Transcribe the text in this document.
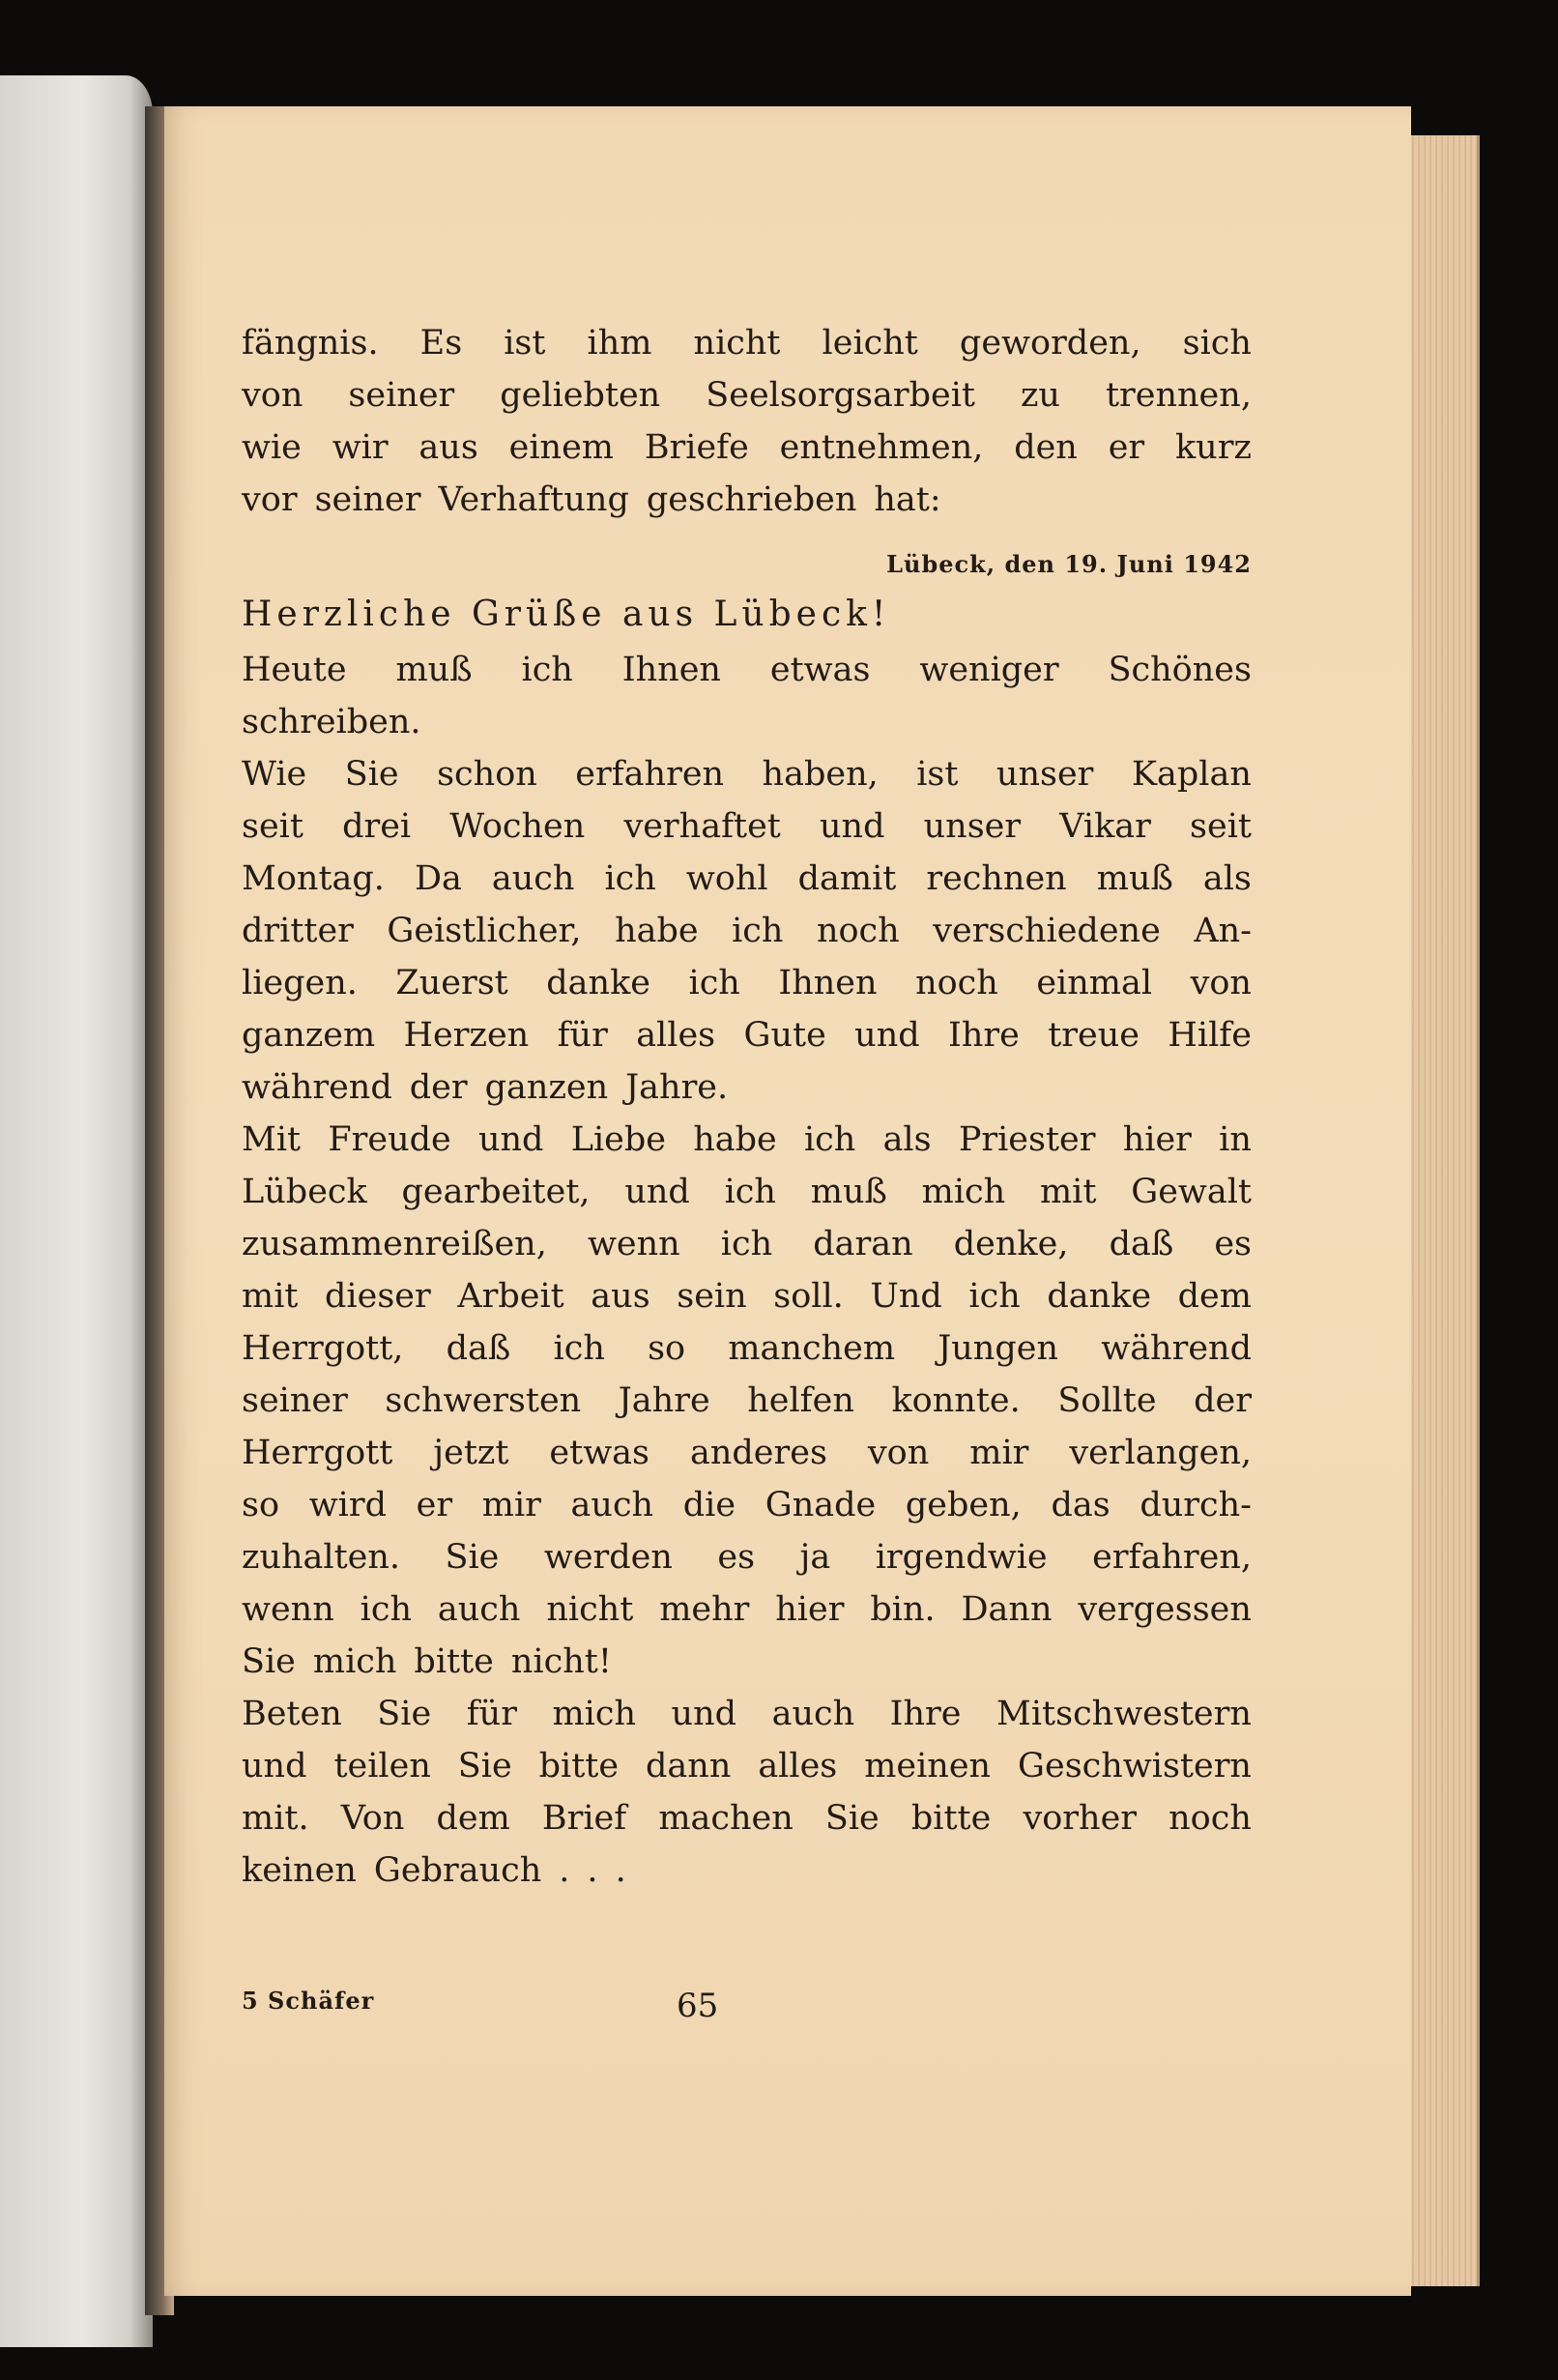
fängnis. Es ist ihm nicht leicht geworden, sich
von seiner geliebten Seelsorgsarbeit zu trennen,
wie wir aus einem Briefe entnehmen, den er kurz
vor seiner Verhaftung geschrieben hat:
Lübeck, den 19. Juni 1942
Herzliche Grüße aus Lübeck!
Heute muß ich Ihnen etwas weniger Schönes
schreiben.
Wie Sie schon erfahren haben, ist unser Kaplan
seit drei Wochen verhaftet und unser Vikar seit
Montag. Da auch ich wohl damit rechnen muß als
dritter Geistlicher, habe ich noch verschiedene An-
liegen. Zuerst danke ich Ihnen noch einmal von
ganzem Herzen für alles Gute und Ihre treue Hilfe
während der ganzen Jahre.
Mit Freude und Liebe habe ich als Priester hier in
Lübeck gearbeitet, und ich muß mich mit Gewalt
zusammenreißen, wenn ich daran denke, daß es
mit dieser Arbeit aus sein soll. Und ich danke dem
Herrgott, daß ich so manchem Jungen während
seiner schwersten Jahre helfen konnte. Sollte der
Herrgott jetzt etwas anderes von mir verlangen,
so wird er mir auch die Gnade geben, das durch-
zuhalten. Sie werden es ja irgendwie erfahren,
wenn ich auch nicht mehr hier bin. Dann vergessen
Sie mich bitte nicht!
Beten Sie für mich und auch Ihre Mitschwestern
und teilen Sie bitte dann alles meinen Geschwistern
mit. Von dem Brief machen Sie bitte vorher noch
keinen Gebrauch . . .
5 Schäfer	65
